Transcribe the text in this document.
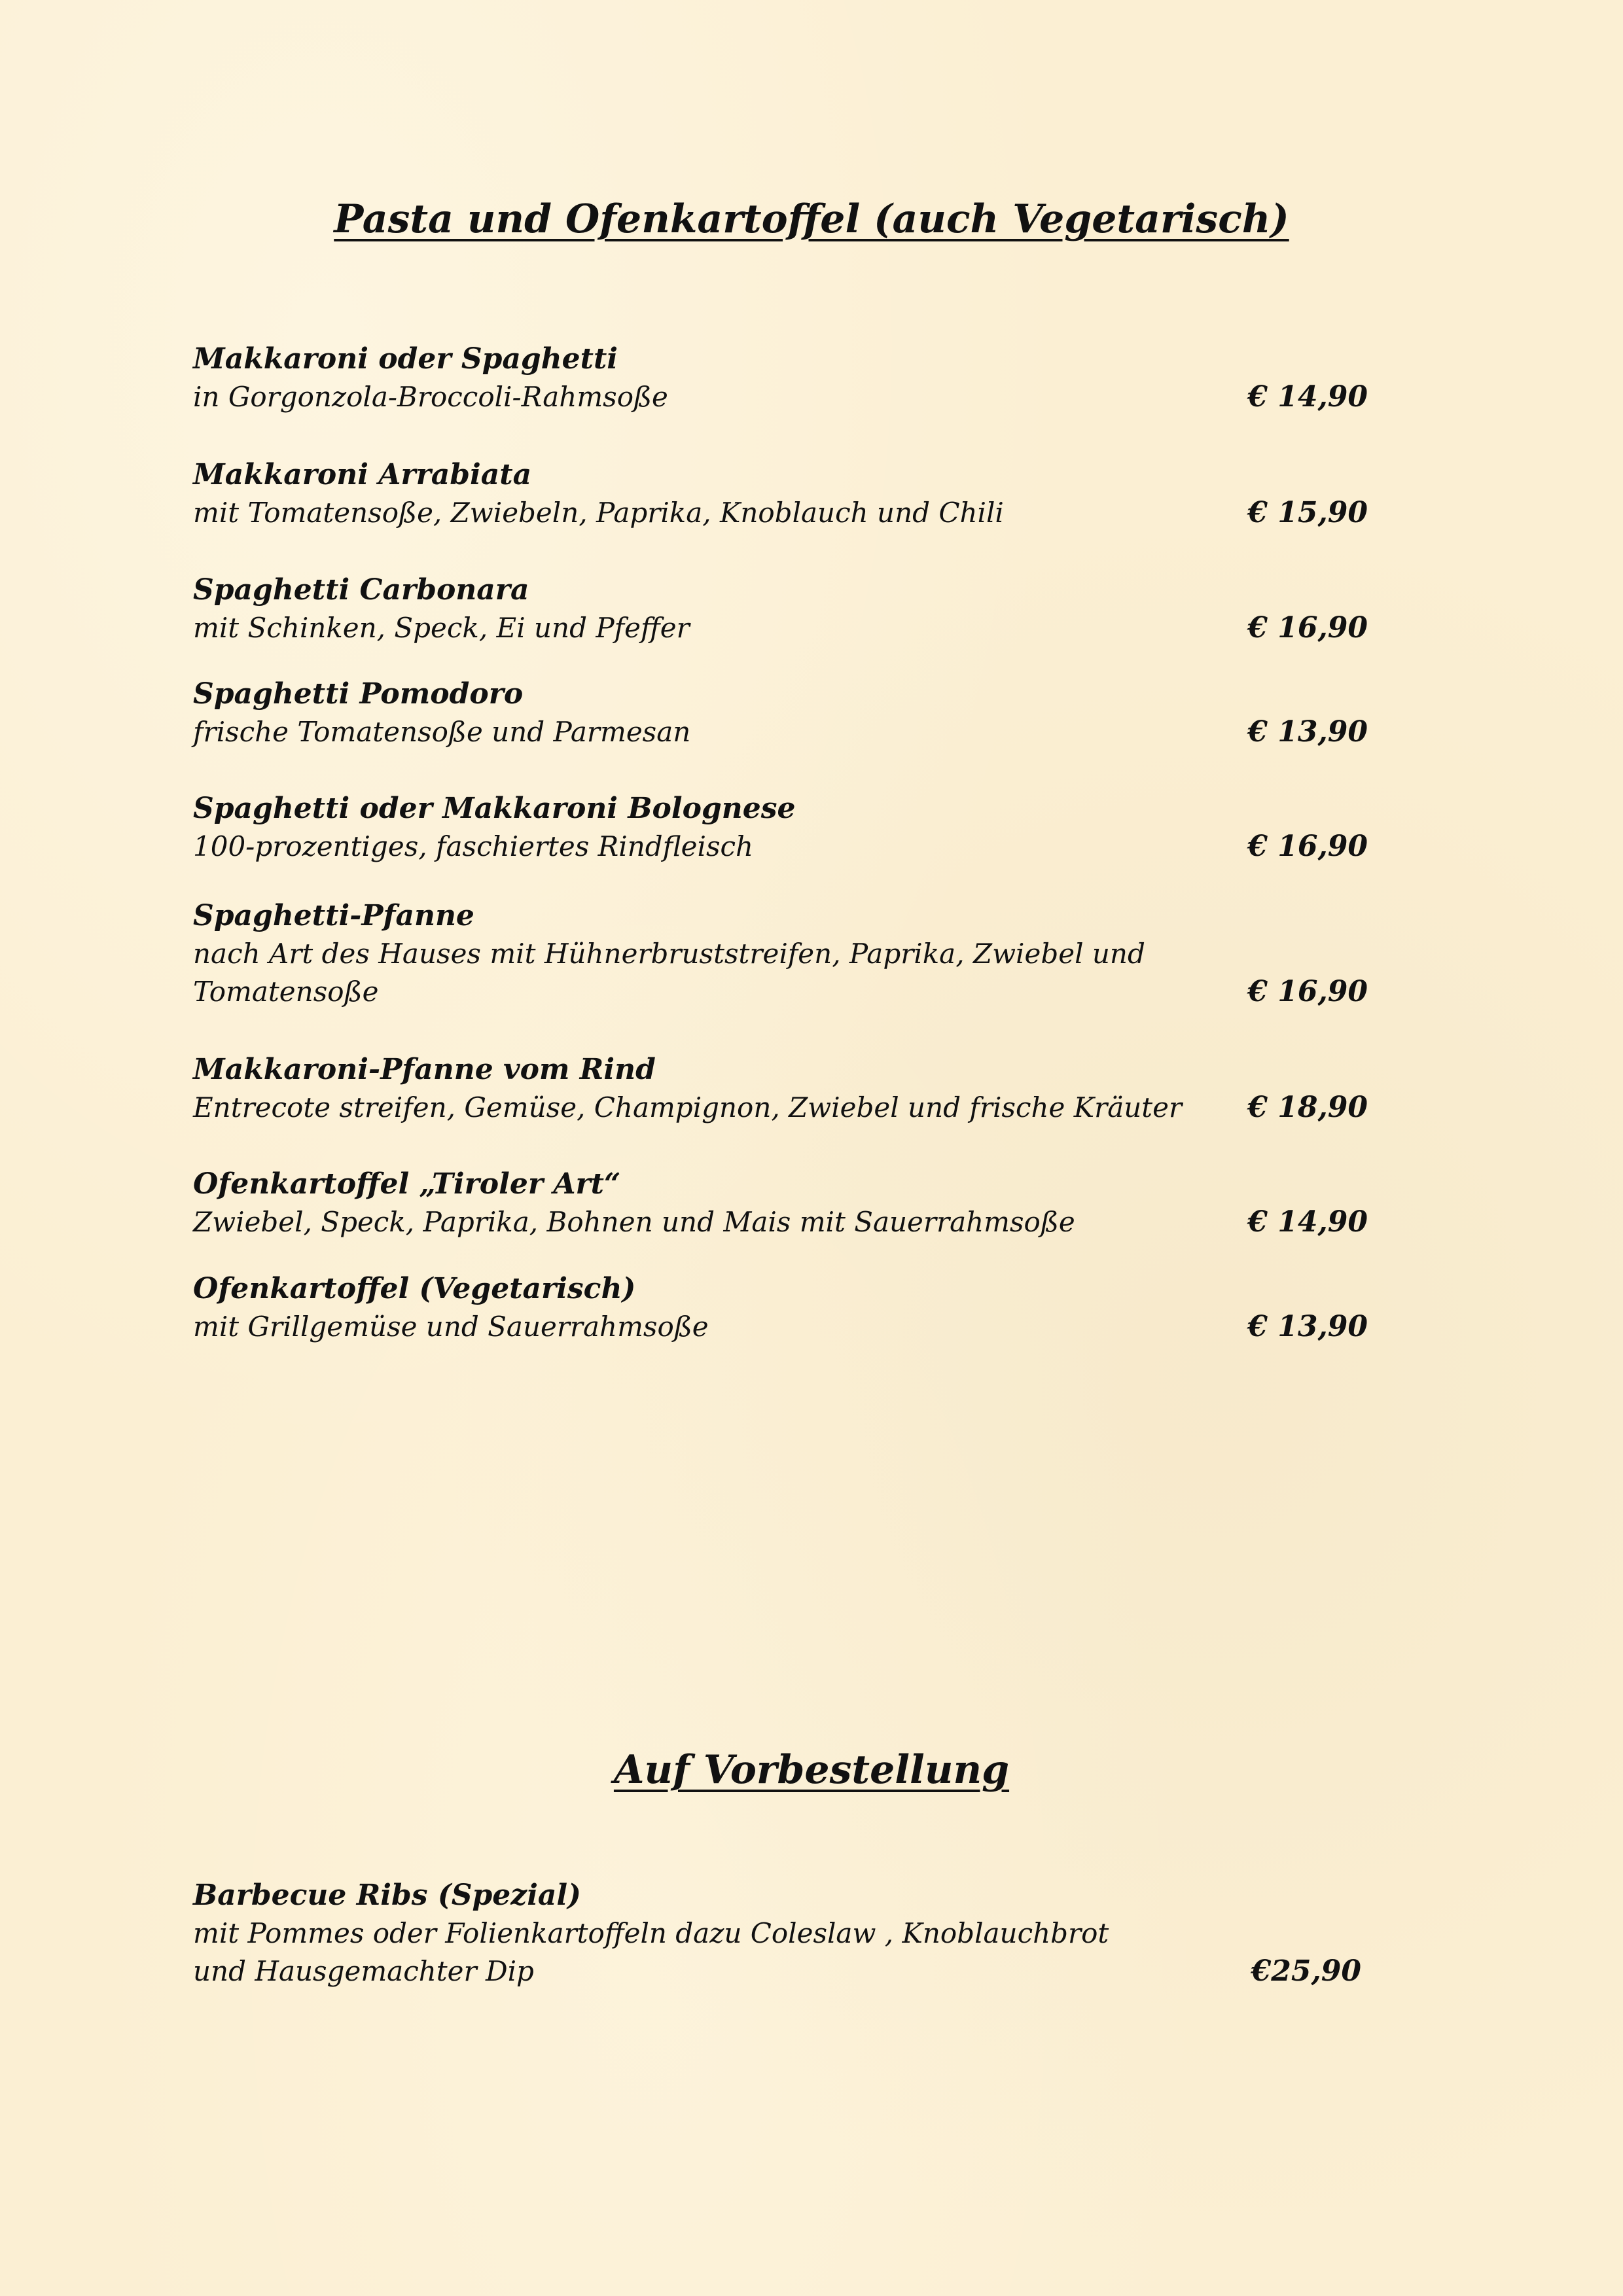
Pasta und Ofenkartoffel (auch Vegetarisch)
Makkaroni oder Spaghetti
in Gorgonzola-Broccoli-Rahmsoße	€ 14,90
Makkaroni Arrabiata
mit Tomatensoße, Zwiebeln, Paprika, Knoblauch und Chili	€ 15,90
Spaghetti Carbonara
mit Schinken, Speck, Ei und Pfeffer	€ 16,90
Spaghetti Pomodoro
frische Tomatensoße und Parmesan	€ 13,90
Spaghetti oder Makkaroni Bolognese
100-prozentiges, faschiertes Rindfleisch	€ 16,90
Spaghetti-Pfanne
nach Art des Hauses mit Hühnerbruststreifen, Paprika, Zwiebel und Tomatensoße	€ 16,90
Makkaroni-Pfanne vom Rind
Entrecote streifen, Gemüse, Champignon, Zwiebel und frische Kräuter	€ 18,90
Ofenkartoffel „Tiroler Art“
Zwiebel, Speck, Paprika, Bohnen und Mais mit Sauerrahmsoße	€ 14,90
Ofenkartoffel (Vegetarisch)
mit Grillgemüse und Sauerrahmsoße	€ 13,90
Auf Vorbestellung
Barbecue Ribs (Spezial)
mit Pommes oder Folienkartoffeln dazu Coleslaw , Knoblauchbrot und Hausgemachter Dip	€25,90
